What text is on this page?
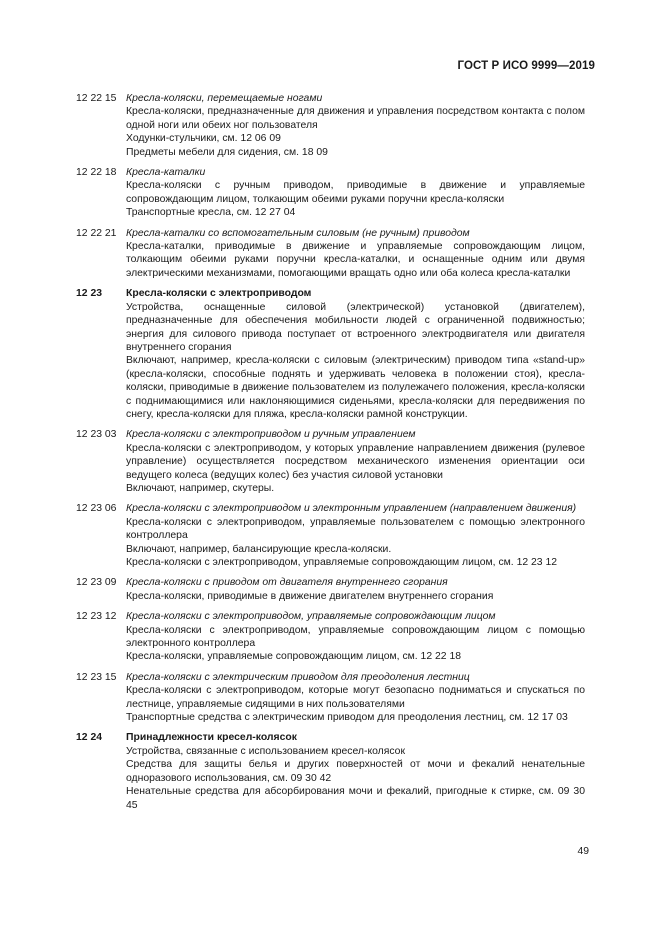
ГОСТ Р ИСО 9999—2019
12 22 15 Кресла-коляски, перемещаемые ногами
Кресла-коляски, предназначенные для движения и управления посредством контакта с полом одной ноги или обеих ног пользователя
Ходунки-стульчики, см. 12 06 09
Предметы мебели для сидения, см. 18 09
12 22 18 Кресла-каталки
Кресла-коляски с ручным приводом, приводимые в движение и управляемые сопровождающим лицом, толкающим обеими руками поручни кресла-коляски
Транспортные кресла, см. 12 27 04
12 22 21 Кресла-каталки со вспомогательным силовым (не ручным) приводом
Кресла-каталки, приводимые в движение и управляемые сопровождающим лицом, толкающим обеими руками поручни кресла-каталки, и оснащенные одним или двумя электрическими механизмами, помогающими вращать одно или оба колеса кресла-каталки
12 23	Кресла-коляски с электроприводом
Устройства, оснащенные силовой (электрической) установкой (двигателем), предназначенные для обеспечения мобильности людей с ограниченной подвижностью; энергия для силового привода поступает от встроенного электродвигателя или двигателя внутреннего сгорания
Включают, например, кресла-коляски с силовым (электрическим) приводом типа «stand-up» (кресла-коляски, способные поднять и удерживать человека в положении стоя), кресла-коляски, приводимые в движение пользователем из полулежачего положения, кресла-коляски с поднимающимися или наклоняющимися сиденьями, кресла-коляски для передвижения по снегу, кресла-коляски для пляжа, кресла-коляски рамной конструкции.
12 23 03 Кресла-коляски с электроприводом и ручным управлением
Кресла-коляски с электроприводом, у которых управление направлением движения (рулевое управление) осуществляется посредством механического изменения ориентации оси ведущего колеса (ведущих колес) без участия силовой установки
Включают, например, скутеры.
12 23 06 Кресла-коляски с электроприводом и электронным управлением (направлением движения)
Кресла-коляски с электроприводом, управляемые пользователем с помощью электронного контроллера
Включают, например, балансирующие кресла-коляски.
Кресла-коляски с электроприводом, управляемые сопровождающим лицом, см. 12 23 12
12 23 09 Кресла-коляски с приводом от двигателя внутреннего сгорания
Кресла-коляски, приводимые в движение двигателем внутреннего сгорания
12 23 12 Кресла-коляски с электроприводом, управляемые сопровождающим лицом
Кресла-коляски с электроприводом, управляемые сопровождающим лицом с помощью электронного контроллера
Кресла-коляски, управляемые сопровождающим лицом, см. 12 22 18
12 23 15 Кресла-коляски с электрическим приводом для преодоления лестниц
Кресла-коляски с электроприводом, которые могут безопасно подниматься и спускаться по лестнице, управляемые сидящими в них пользователями
Транспортные средства с электрическим приводом для преодоления лестниц, см. 12 17 03
12 24	Принадлежности кресел-колясок
Устройства, связанные с использованием кресел-колясок
Средства для защиты белья и других поверхностей от мочи и фекалий ненательные одноразового использования, см. 09 30 42
Ненательные средства для абсорбирования мочи и фекалий, пригодные к стирке, см. 09 30 45
49
